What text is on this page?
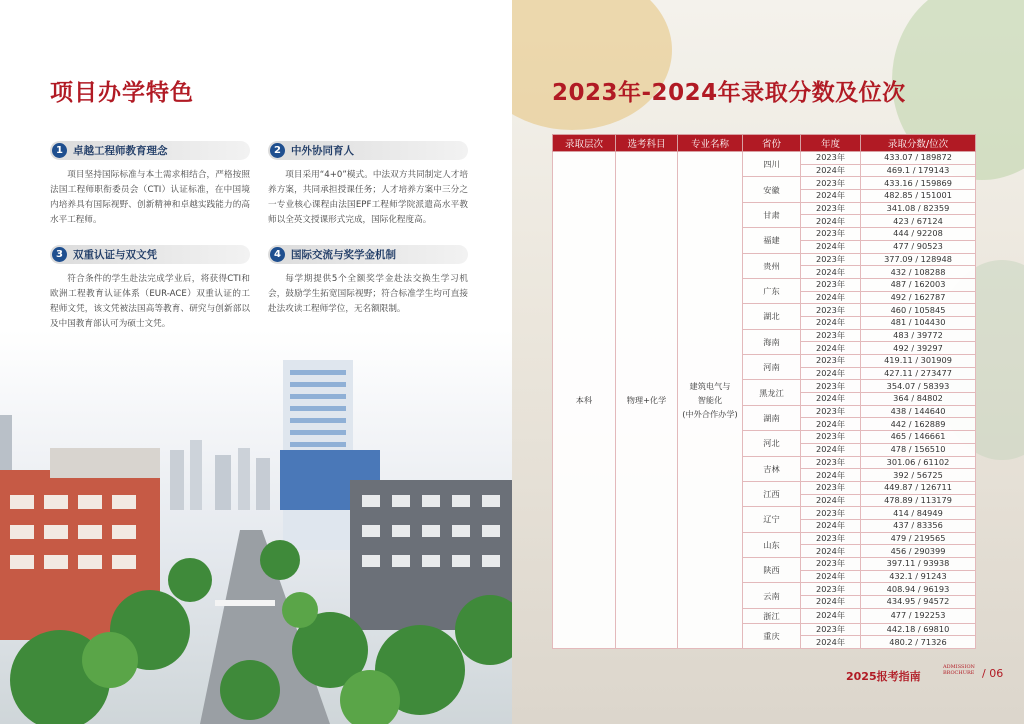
项目办学特色
1 卓越工程师教育理念
项目坚持国际标准与本土需求相结合，严格按照法国工程师职衔委员会（CTI）认证标准，在中国境内培养具有国际视野、创新精神和卓越实践能力的高水平工程师。
2 中外协同育人
项目采用“4+0”模式。中法双方共同制定人才培养方案，共同承担授课任务；人才培养方案中三分之一专业核心课程由法国EPF工程师学院派遣高水平教师以全英文授课形式完成，国际化程度高。
3 双重认证与双文凭
符合条件的学生赴法完成学业后，将获得CTI和欧洲工程教育认证体系（EUR-ACE）双重认证的工程师文凭，该文凭被法国高等教育、研究与创新部以及中国教育部认可为硕士文凭。
4 国际交流与奖学金机制
每学期提供5个全额奖学金赴法交换生学习机会，鼓励学生拓宽国际视野；符合标准学生均可直接赴法攻读工程师学位，无名额限制。
2023年-2024年录取分数及位次
录取层次	选考科目	专业名称	省份	年度	录取分数/位次
本科	物理+化学	建筑电气与
智能化
(中外合作办学)	四川	2023年	433.07 / 189872
				2024年	469.1 / 179143
			安徽	2023年	433.16 / 159869
				2024年	482.85 / 151001
			甘肃	2023年	341.08 / 82359
				2024年	423 / 67124
			福建	2023年	444 / 92208
				2024年	477 / 90523
			贵州	2023年	377.09 / 128948
				2024年	432 / 108288
			广东	2023年	487 / 162003
				2024年	492 / 162787
			湖北	2023年	460 / 105845
				2024年	481 / 104430
			海南	2023年	483 / 39772
				2024年	492 / 39297
			河南	2023年	419.11 / 301909
				2024年	427.11 / 273477
			黑龙江	2023年	354.07 / 58393
				2024年	364 / 84802
			湖南	2023年	438 / 144640
				2024年	442 / 162889
			河北	2023年	465 / 146661
				2024年	478 / 156510
			吉林	2023年	301.06 / 61102
				2024年	392 / 56725
			江西	2023年	449.87 / 126711
				2024年	478.89 / 113179
			辽宁	2023年	414 / 84949
				2024年	437 / 83356
			山东	2023年	479 / 219565
				2024年	456 / 290399
			陕西	2023年	397.11 / 93938
				2024年	432.1 / 91243
			云南	2023年	408.94 / 96193
				2024年	434.95 / 94572
			浙江	2024年	477 / 192253
			重庆	2023年	442.18 / 69810
				2024年	480.2 / 71326
2025报考指南
ADMISSION BROCHURE / 06
